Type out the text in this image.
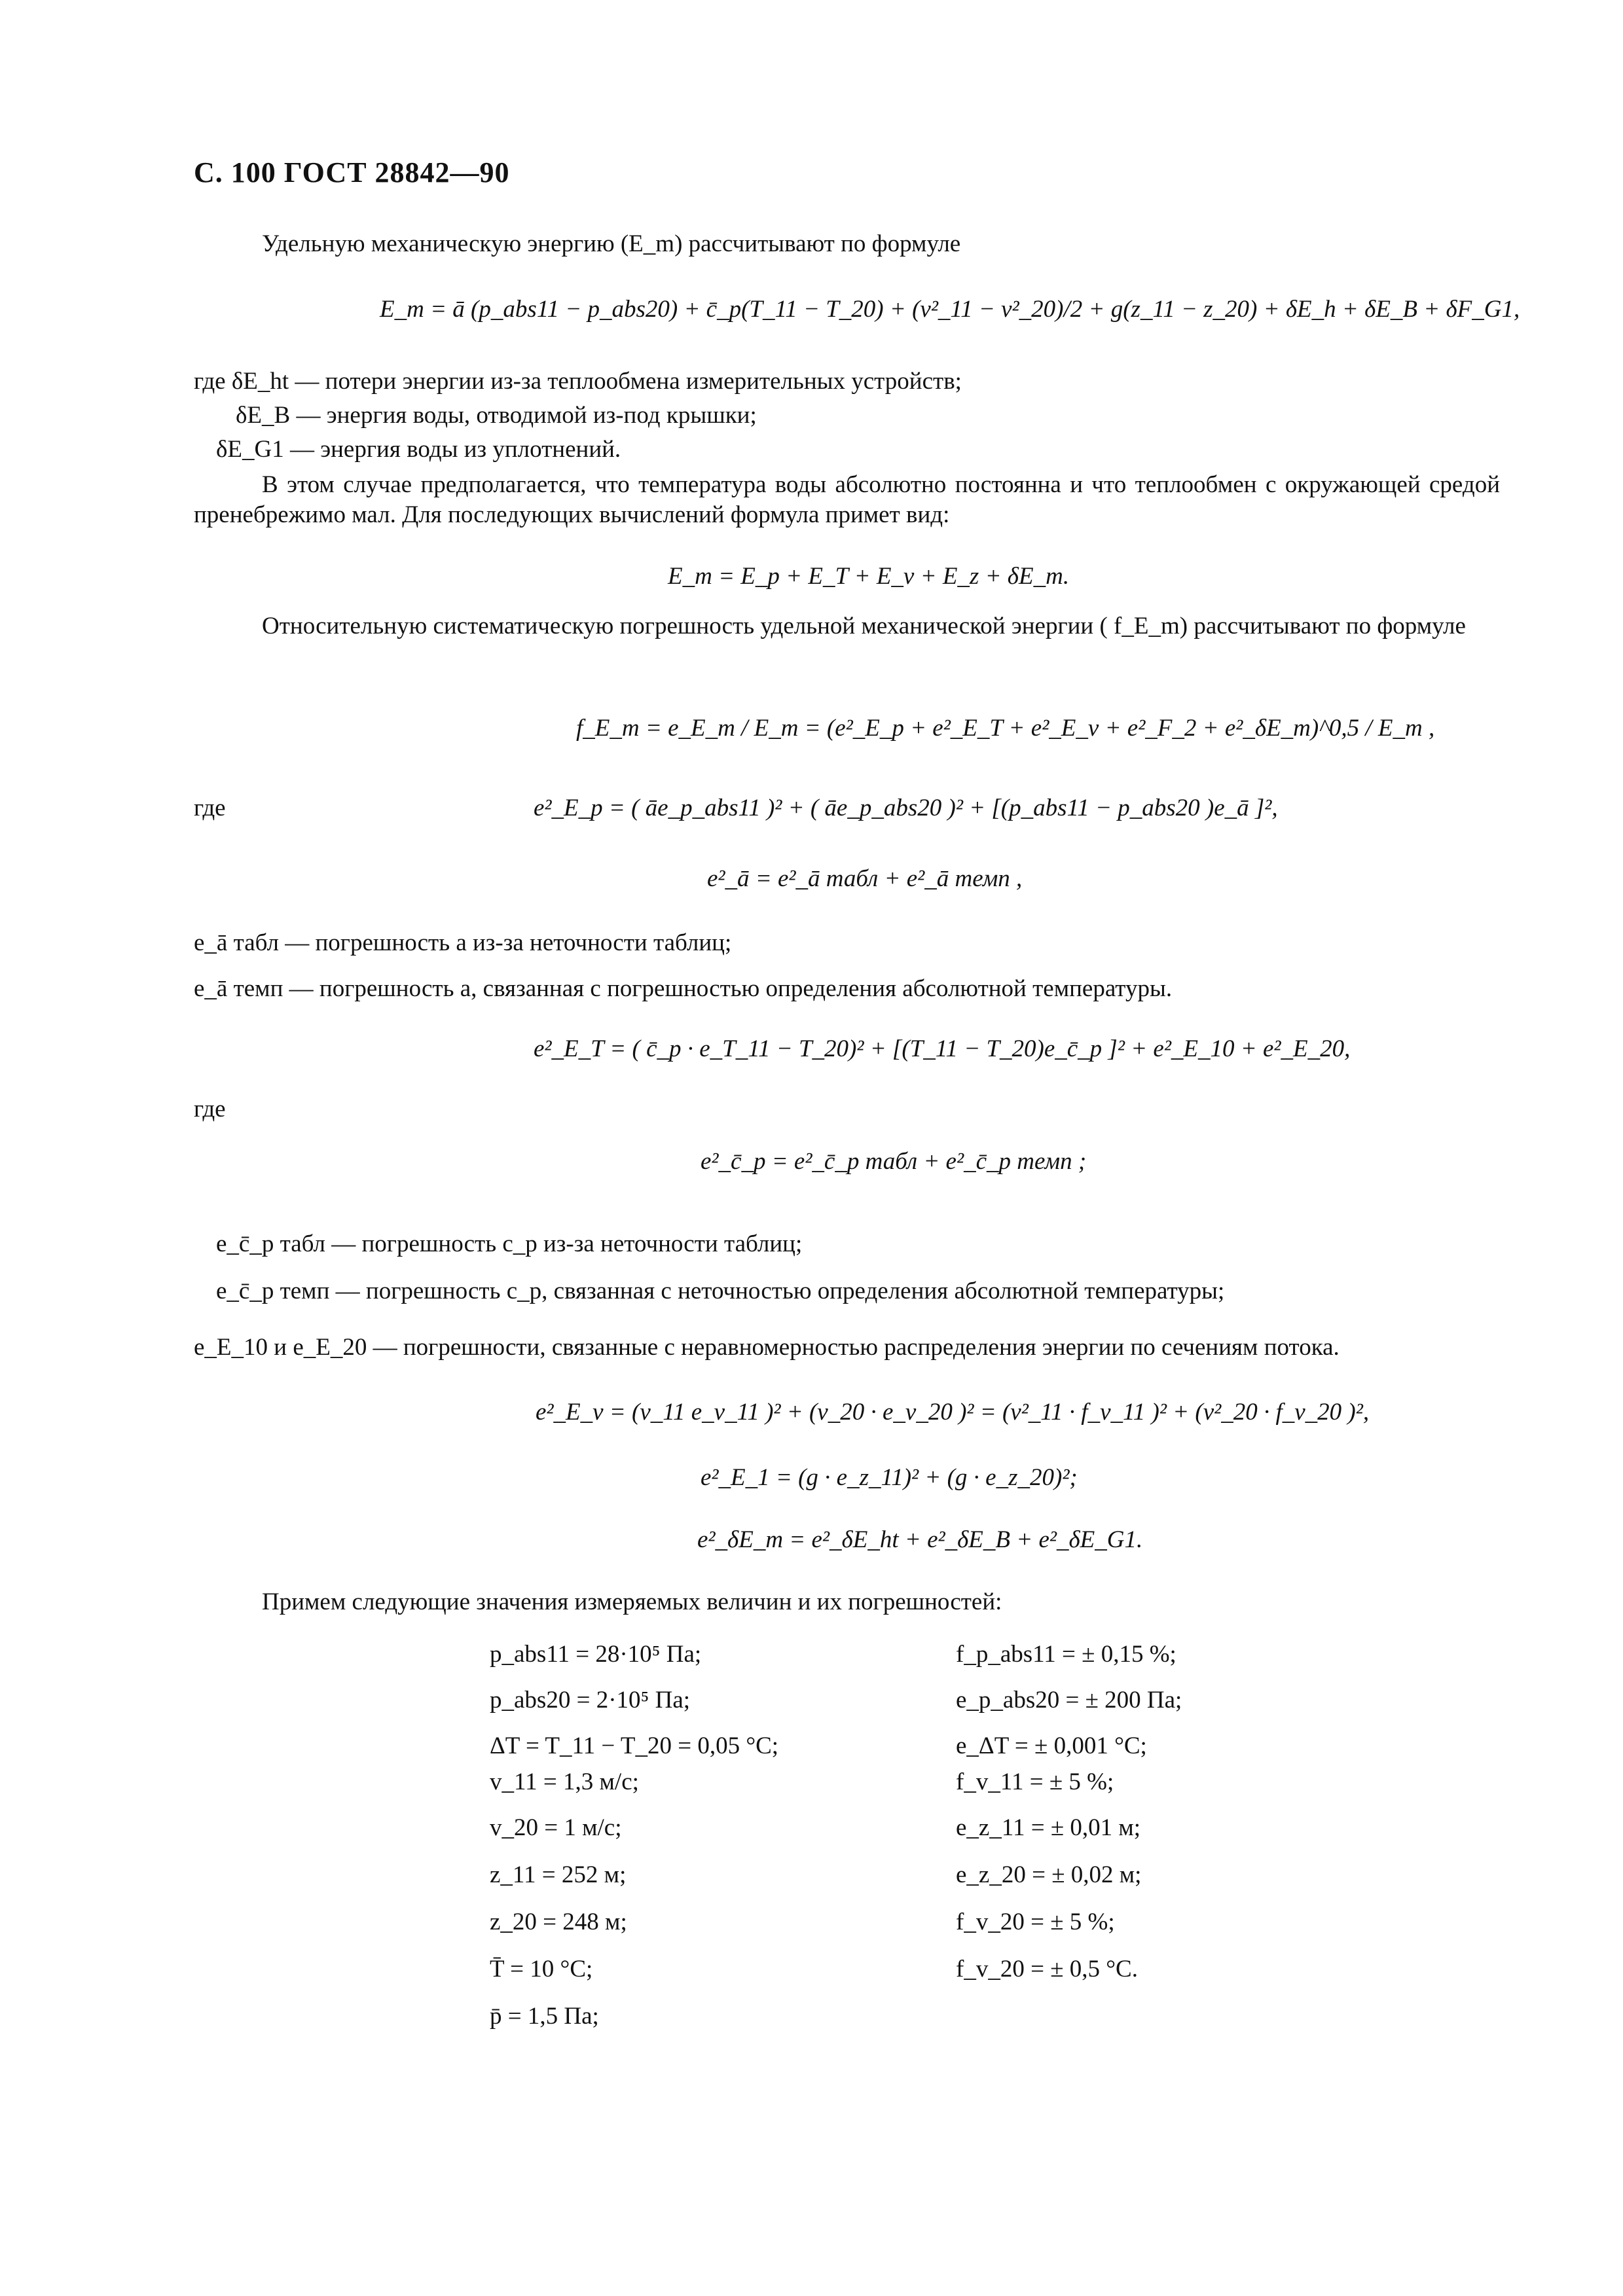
С. 100 ГОСТ 28842—90
Удельную механическую энергию (E_m) рассчитывают по формуле
E_m = ā (p_abs11 − p_abs20) + c̄_p(T_11 − T_20) + (v²_11 − v²_20)/2 + g(z_11 − z_20) + δE_h + δE_B + δF_G1,
где δE_ht — потери энергии из-за теплообмена измерительных устройств;
δE_B — энергия воды, отводимой из-под крышки;
δE_G1 — энергия воды из уплотнений.
В этом случае предполагается, что температура воды абсолютно постоянна и что теплообмен с окружающей средой пренебрежимо мал. Для последующих вычислений формула примет вид:
E_m = E_p + E_T + E_v + E_z + δE_m.
Относительную систематическую погрешность удельной механической энергии ( f_E_m) рассчитывают по формуле
f_E_m = e_E_m / E_m = (e²_E_p + e²_E_T + e²_E_v + e²_F_2 + e²_δE_m)^0,5 / E_m ,
где	e²_E_p = ( āe_p_abs11 )² + ( āe_p_abs20 )² + [(p_abs11 − p_abs20 )e_ā ]²,
e²_ā = e²_ā табл + e²_ā темп ,
e_ā табл — погрешность a из-за неточности таблиц;
e_ā темп — погрешность a, связанная с погрешностью определения абсолютной температуры.
e²_E_T = ( c̄_p · e_T_11 − T_20)² + [(T_11 − T_20)e_c̄_p ]² + e²_E_10 + e²_E_20,
где
e²_c̄_p = e²_c̄_p табл + e²_c̄_p темп ;
e_c̄_p табл — погрешность c_p из-за неточности таблиц;
e_c̄_p темп — погрешность c_p, связанная с неточностью определения абсолютной температуры;
e_E_10 и e_E_20 — погрешности, связанные с неравномерностью распределения энергии по сечениям потока.
e²_E_v = (v_11 e_v_11 )² + (v_20 · e_v_20 )² = (v²_11 · f_v_11 )² + (v²_20 · f_v_20 )²,
e²_E_1 = (g · e_z_11)² + (g · e_z_20)²;
e²_δE_m = e²_δE_ht + e²_δE_B + e²_δE_G1.
Примем следующие значения измеряемых величин и их погрешностей:
p_abs11 = 28·10⁵ Па;
p_abs20 = 2·10⁵ Па;
ΔT = T_11 − T_20 = 0,05 °C;
v_11 = 1,3 м/с;
v_20 = 1 м/с;
z_11 = 252 м;
z_20 = 248 м;
T̄ = 10 °C;
p̄ = 1,5 Па;
f_p_abs11 = ± 0,15 %;
e_p_abs20 = ± 200 Па;
e_ΔT = ± 0,001 °C;
f_v_11 = ± 5 %;
e_z_11 = ± 0,01 м;
e_z_20 = ± 0,02 м;
f_v_20 = ± 5 %;
f_v_20 = ± 0,5 °C.
